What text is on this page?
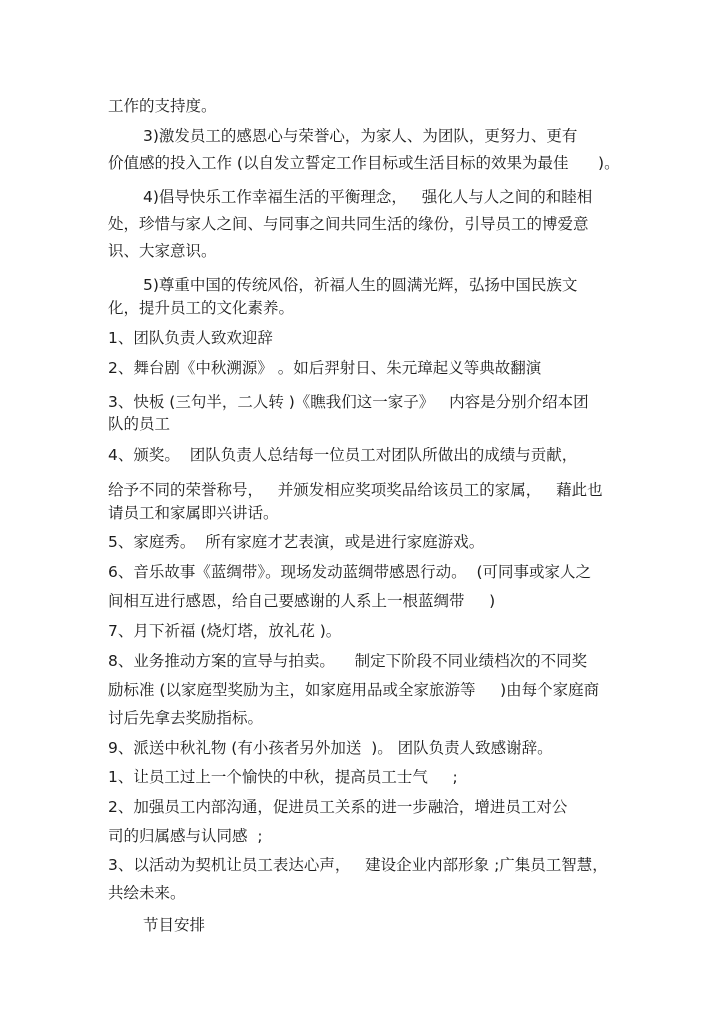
工作的支持度。

3)激发员工的感恩心与荣誉心，为家人、为团队，更努力、更有

价值感的投入工作 (以自发立誓定工作目标或生活目标的效果为最佳      )。

4)倡导快乐工作幸福生活的平衡理念，   强化人与人之间的和睦相

处，珍惜与家人之间、与同事之间共同生活的缘份，引导员工的博爱意

识、大家意识。

5)尊重中国的传统风俗，祈福人生的圆满光辉，弘扬中国民族文

化，提升员工的文化素养。

1、团队负责人致欢迎辞

2、舞台剧《中秋溯源》 。如后羿射日、朱元璋起义等典故翻演

3、快板 (三句半，二人转 )《瞧我们这一家子》   内容是分别介绍本团

队的员工

4、颁奖。  团队负责人总结每一位员工对团队所做出的成绩与贡献，

给予不同的荣誉称号，   并颁发相应奖项奖品给该员工的家属，   藉此也

请员工和家属即兴讲话。

5、家庭秀。  所有家庭才艺表演，或是进行家庭游戏。

6、音乐故事《蓝绸带》。现场发动蓝绸带感恩行动。  (可同事或家人之

间相互进行感恩，给自己要感谢的人系上一根蓝绸带     )

7、月下祈福 (烧灯塔，放礼花 )。

8、业务推动方案的宣导与拍卖。    制定下阶段不同业绩档次的不同奖

励标准 (以家庭型奖励为主，如家庭用品或全家旅游等     )由每个家庭商

讨后先拿去奖励指标。

9、派送中秋礼物 (有小孩者另外加送  )。 团队负责人致感谢辞。

1、让员工过上一个愉快的中秋，提高员工士气     ;

2、加强员工内部沟通，促进员工关系的进一步融洽，增进员工对公

司的归属感与认同感  ;

3、以活动为契机让员工表达心声，   建设企业内部形象 ;广集员工智慧，

共绘未来。

节目安排
